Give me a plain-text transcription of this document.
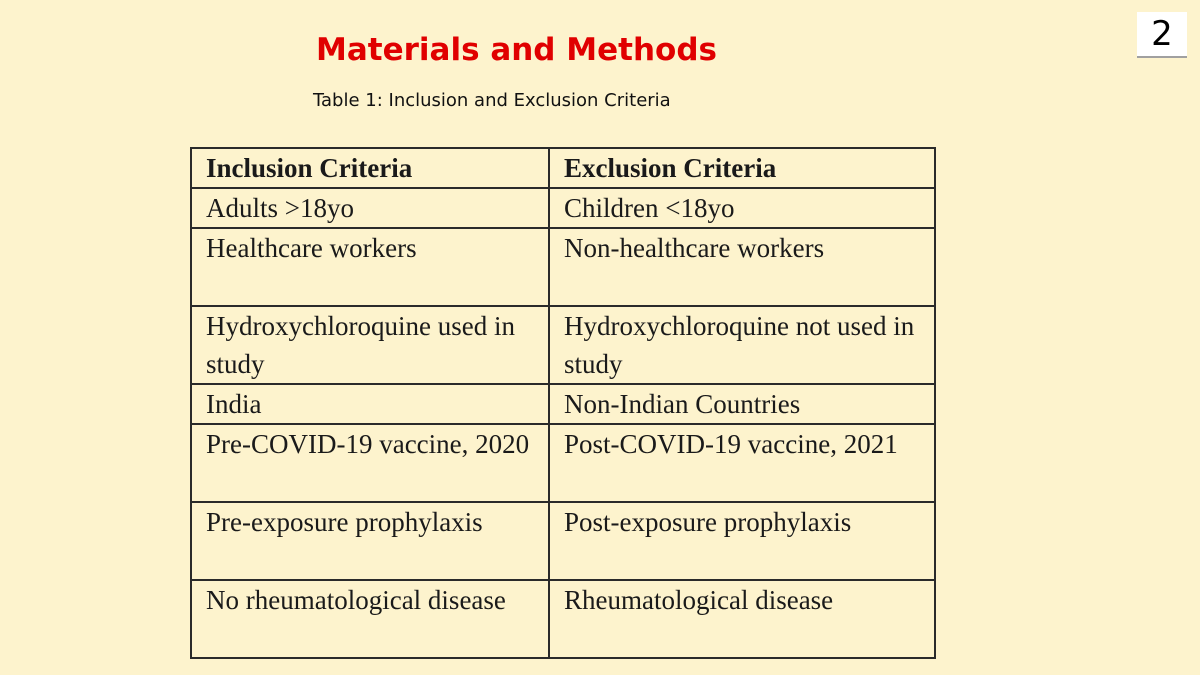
Materials and Methods

Table 1: Inclusion and Exclusion Criteria

2
Inclusion Criteria	Exclusion Criteria
Adults >18yo	Children <18yo
Healthcare workers	Non-healthcare workers
Hydroxychloroquine used in study	Hydroxychloroquine not used in study
India	Non-Indian Countries
Pre-COVID-19 vaccine, 2020	Post-COVID-19 vaccine, 2021
Pre-exposure prophylaxis	Post-exposure prophylaxis
No rheumatological disease	Rheumatological disease
